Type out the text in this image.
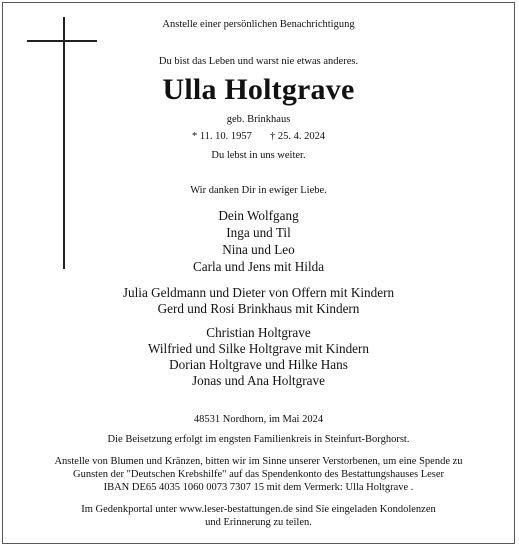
Anstelle einer persönlichen Benachrichtigung
Du bist das Leben und warst nie etwas anderes.
Ulla Holtgrave
geb. Brinkhaus
* 11. 10. 1957 † 25. 4. 2024
Du lebst in uns weiter.
Wir danken Dir in ewiger Liebe.
Dein Wolfgang
Inga und Til
Nina und Leo
Carla und Jens mit Hilda
Julia Geldmann und Dieter von Offern mit Kindern
Gerd und Rosi Brinkhaus mit Kindern
Christian Holtgrave
Wilfried und Silke Holtgrave mit Kindern
Dorian Holtgrave und Hilke Hans
Jonas und Ana Holtgrave
48531 Nordhorn, im Mai 2024
Die Beisetzung erfolgt im engsten Familienkreis in Steinfurt-Borghorst.
Anstelle von Blumen und Kränzen, bitten wir im Sinne unserer Verstorbenen, um eine Spende zu
Gunsten der "Deutschen Krebshilfe" auf das Spendenkonto des Bestattungshauses Leser
IBAN DE65 4035 1060 0073 7307 15 mit dem Vermerk: Ulla Holtgrave .
Im Gedenkportal unter www.leser-bestattungen.de sind Sie eingeladen Kondolenzen
und Erinnerung zu teilen.
